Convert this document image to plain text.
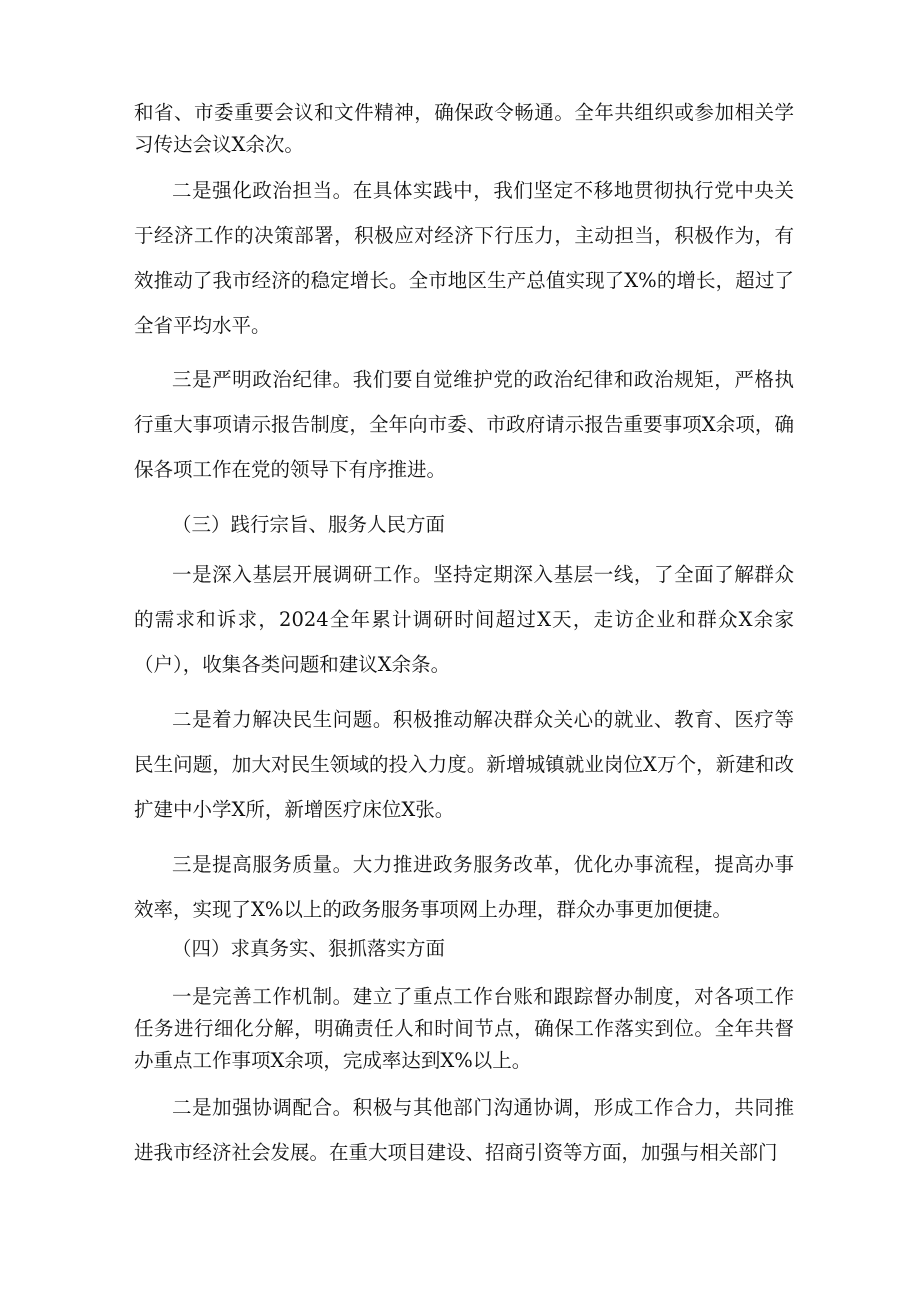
和省、市委重要会议和文件精神，确保政令畅通。全年共组织或参加相关学习传达会议X余次。

二是强化政治担当。在具体实践中，我们坚定不移地贯彻执行党中央关于经济工作的决策部署，积极应对经济下行压力，主动担当，积极作为，有效推动了我市经济的稳定增长。全市地区生产总值实现了X%的增长，超过了全省平均水平。

三是严明政治纪律。我们要自觉维护党的政治纪律和政治规矩，严格执行重大事项请示报告制度，全年向市委、市政府请示报告重要事项X余项，确保各项工作在党的领导下有序推进。

（三）践行宗旨、服务人民方面

一是深入基层开展调研工作。坚持定期深入基层一线，了全面了解群众的需求和诉求，2024全年累计调研时间超过X天，走访企业和群众X余家（户），收集各类问题和建议X余条。

二是着力解决民生问题。积极推动解决群众关心的就业、教育、医疗等民生问题，加大对民生领域的投入力度。新增城镇就业岗位X万个，新建和改扩建中小学X所，新增医疗床位X张。

三是提高服务质量。大力推进政务服务改革，优化办事流程，提高办事效率，实现了X%以上的政务服务事项网上办理，群众办事更加便捷。

（四）求真务实、狠抓落实方面

一是完善工作机制。建立了重点工作台账和跟踪督办制度，对各项工作任务进行细化分解，明确责任人和时间节点，确保工作落实到位。全年共督办重点工作事项X余项，完成率达到X%以上。

二是加强协调配合。积极与其他部门沟通协调，形成工作合力，共同推进我市经济社会发展。在重大项目建设、招商引资等方面，加强与相关部门
